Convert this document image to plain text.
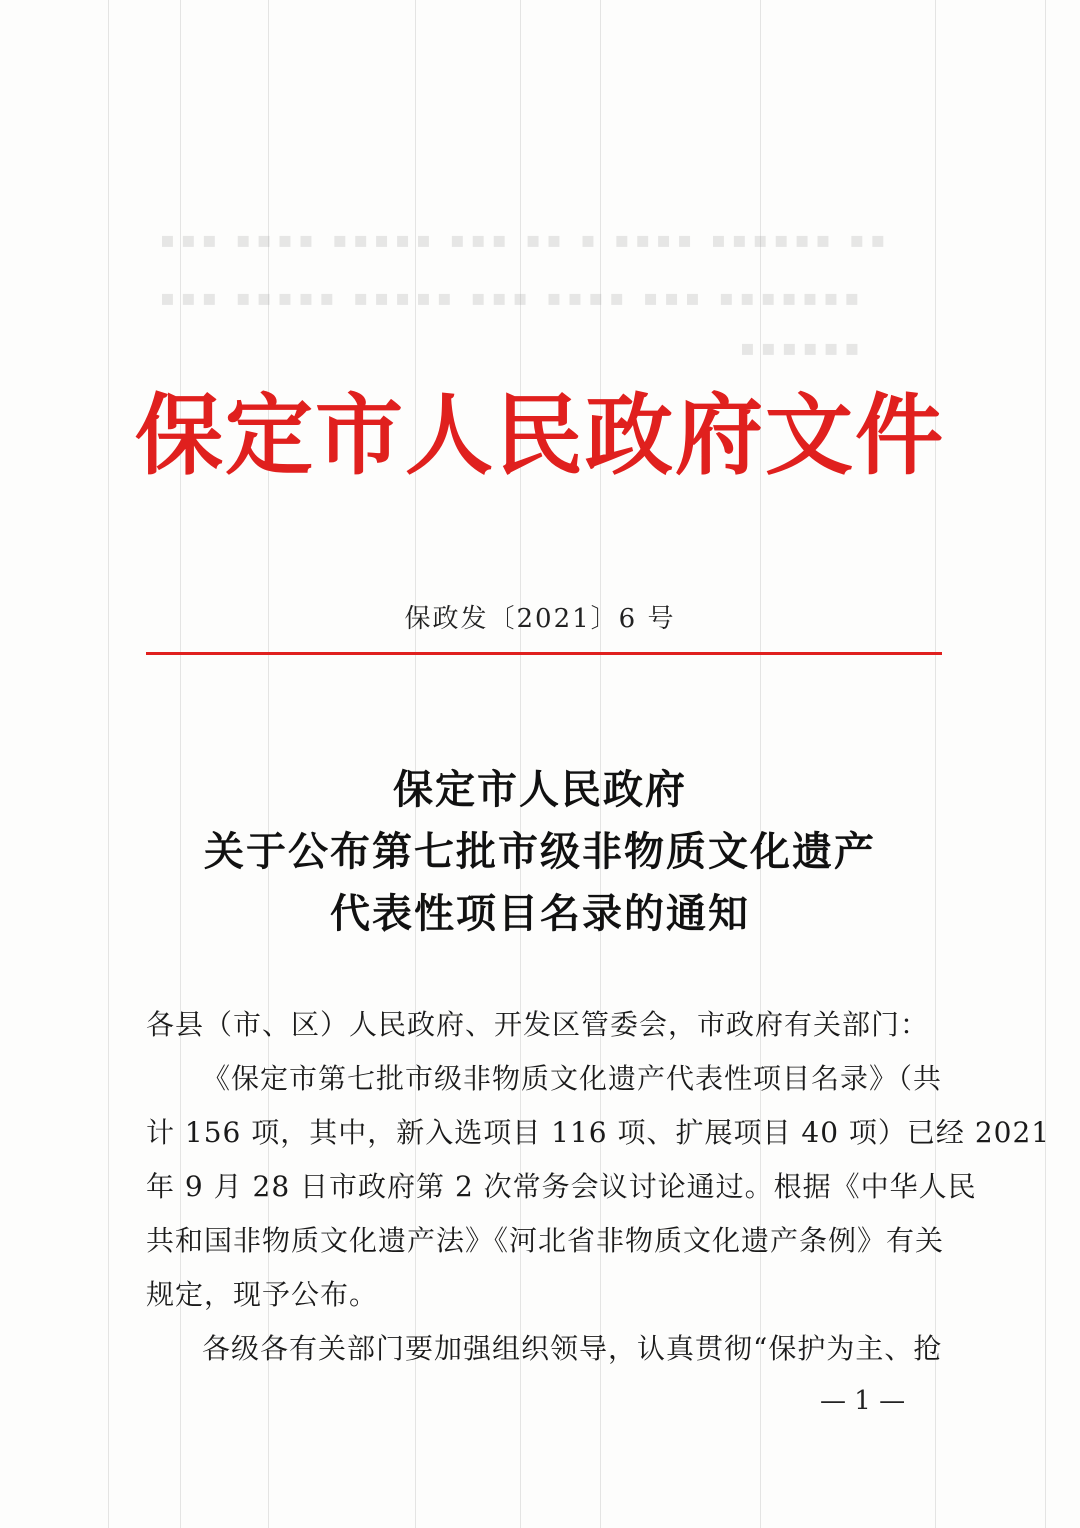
▪▪▪ ▪▪▪▪ ▪▪▪▪▪ ▪▪▪ ▪▪ ▪ ▪▪▪▪ ▪▪▪▪▪▪ ▪▪
▪▪▪ ▪▪▪▪▪ ▪▪▪▪▪ ▪▪▪ ▪▪▪▪ ▪▪▪ ▪▪▪▪▪▪▪
▪▪▪▪▪▪
保定市人民政府文件
保政发〔2021〕6 号
保定市人民政府
关于公布第七批市级非物质文化遗产
代表性项目名录的通知
各县（市、区）人民政府、开发区管委会，市政府有关部门：
《保定市第七批市级非物质文化遗产代表性项目名录》（共
计 156 项，其中，新入选项目 116 项、扩展项目 40 项）已经 2021
年 9 月 28 日市政府第 2 次常务会议讨论通过。根据《中华人民
共和国非物质文化遗产法》《河北省非物质文化遗产条例》有关
规定，现予公布。
各级各有关部门要加强组织领导，认真贯彻“保护为主、抢
— 1 —
